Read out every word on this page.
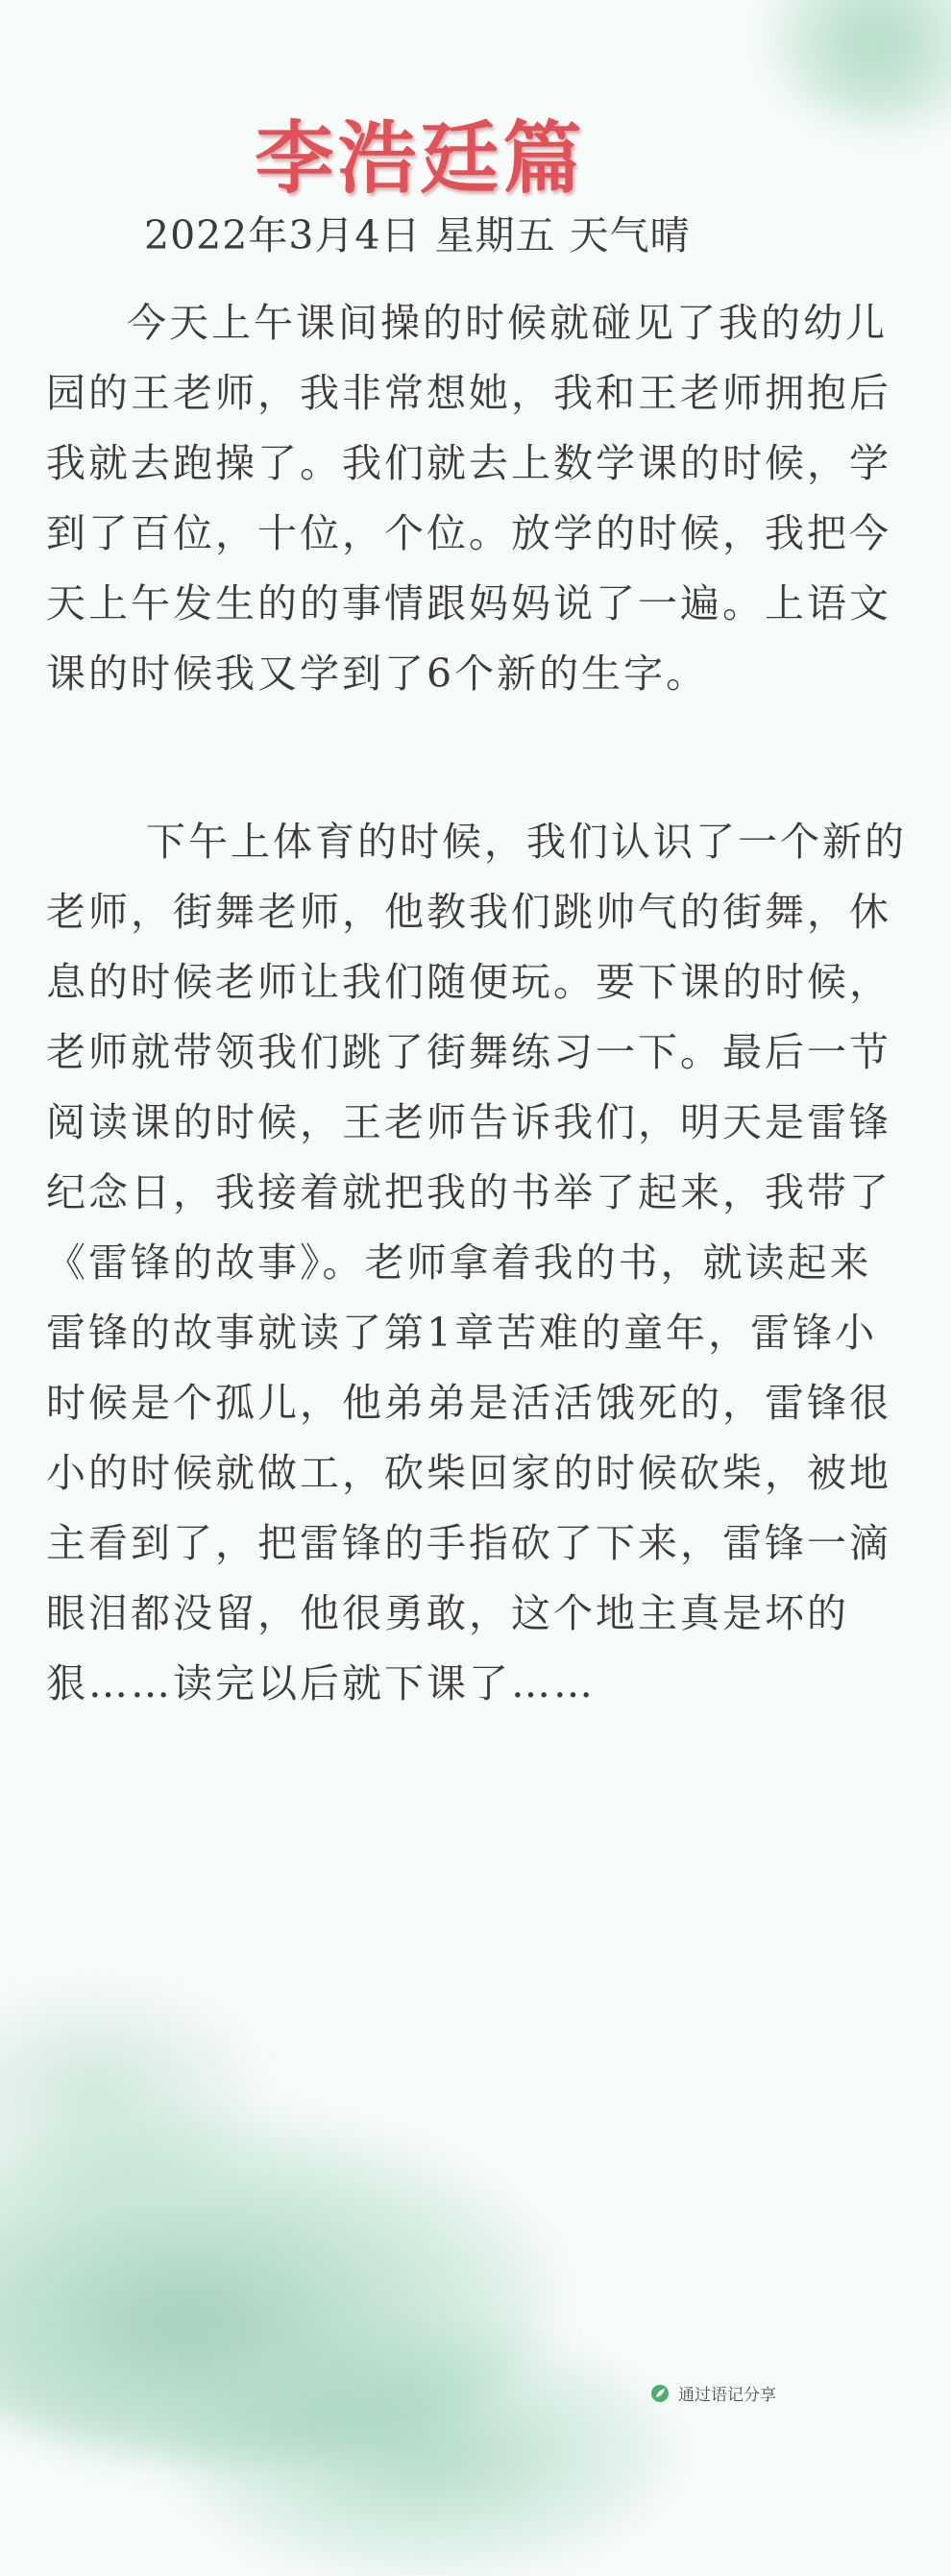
李浩廷篇
2022年3月4日 星期五 天气晴

今天上午课间操的时候就碰见了我的幼儿园的王老师，我非常想她，我和王老师拥抱后我就去跑操了。我们就去上数学课的时候，学到了百位，十位，个位。放学的时候，我把今天上午发生的的事情跟妈妈说了一遍。上语文课的时候我又学到了6个新的生字。

下午上体育的时候，我们认识了一个新的老师，街舞老师，他教我们跳帅气的街舞，休息的时候老师让我们随便玩。要下课的时候，老师就带领我们跳了街舞练习一下。最后一节阅读课的时候，王老师告诉我们，明天是雷锋纪念日，我接着就把我的书举了起来，我带了《雷锋的故事》。老师拿着我的书，就读起来雷锋的故事就读了第1章苦难的童年，雷锋小时候是个孤儿，他弟弟是活活饿死的，雷锋很小的时候就做工，砍柴回家的时候砍柴，被地主看到了，把雷锋的手指砍了下来，雷锋一滴眼泪都没留，他很勇敢，这个地主真是坏的狠……读完以后就下课了……

通过语记分享
